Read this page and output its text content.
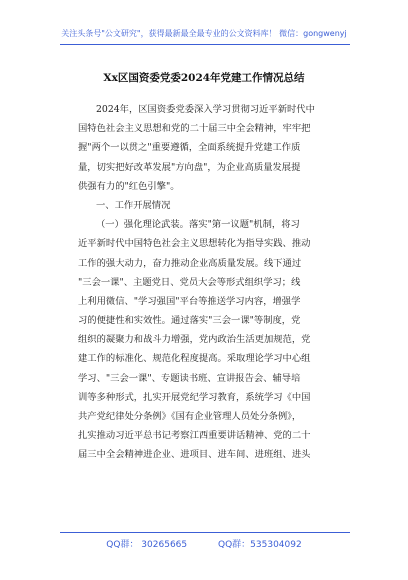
关注头条号"公文研究"，获得最新最全最专业的公文资料库！ 微信：gongwenyj
Xx区国资委党委2024年党建工作情况总结

2024年，区国资委党委深入学习贯彻习近平新时代中
国特色社会主义思想和党的二十届三中全会精神，牢牢把
握"两个一以贯之"重要遵循，全面系统提升党建工作质
量，切实把好改革发展"方向盘"，为企业高质量发展提
供强有力的"红色引擎"。

一、工作开展情况

（一）强化理论武装。落实"第一议题"机制，将习
近平新时代中国特色社会主义思想转化为指导实践、推动
工作的强大动力，奋力推动企业高质量发展。线下通过
"三会一课"、主题党日、党员大会等形式组织学习；线
上利用微信、"学习强国"平台等推送学习内容，增强学
习的便捷性和实效性。通过落实"三会一课"等制度，党
组织的凝聚力和战斗力增强，党内政治生活更加规范，党
建工作的标准化、规范化程度提高。采取理论学习中心组
学习、"三会一课"、专题读书班、宣讲报告会、辅导培
训等多种形式，扎实开展党纪学习教育，系统学习《中国
共产党纪律处分条例》《国有企业管理人员处分条例》，
扎实推动习近平总书记考察江西重要讲话精神、党的二十
届三中全会精神进企业、进项目、进车间、进班组、进头

QQ群： 30265665	QQ群：535304092
